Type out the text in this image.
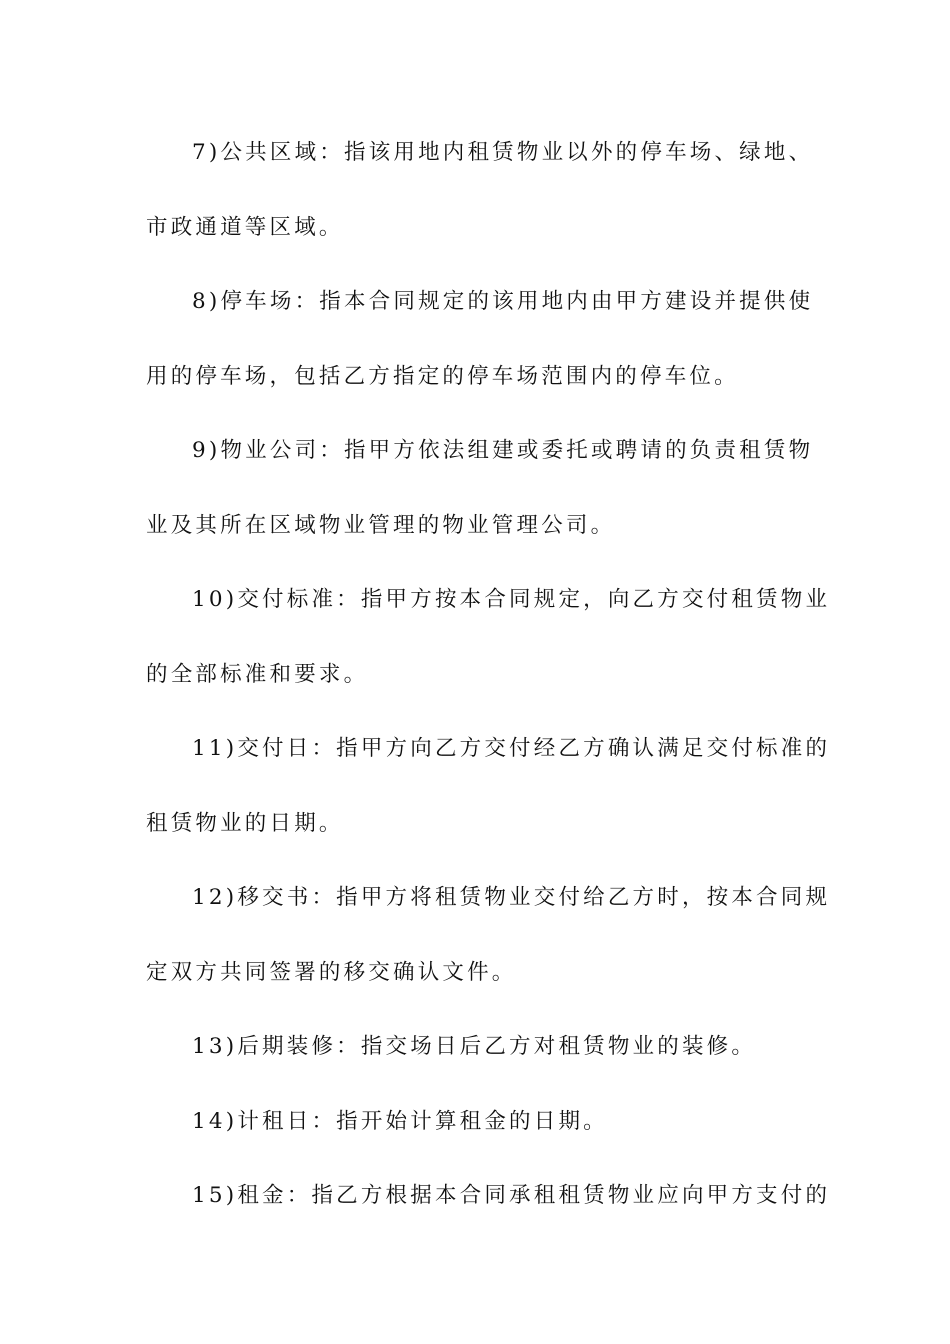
7)公共区域：指该用地内租赁物业以外的停车场、绿地、
市政通道等区域。
8)停车场：指本合同规定的该用地内由甲方建设并提供使
用的停车场，包括乙方指定的停车场范围内的停车位。
9)物业公司：指甲方依法组建或委托或聘请的负责租赁物
业及其所在区域物业管理的物业管理公司。
10)交付标准：指甲方按本合同规定，向乙方交付租赁物业
的全部标准和要求。
11)交付日：指甲方向乙方交付经乙方确认满足交付标准的
租赁物业的日期。
12)移交书：指甲方将租赁物业交付给乙方时，按本合同规
定双方共同签署的移交确认文件。
13)后期装修：指交场日后乙方对租赁物业的装修。
14)计租日：指开始计算租金的日期。
15)租金：指乙方根据本合同承租租赁物业应向甲方支付的
